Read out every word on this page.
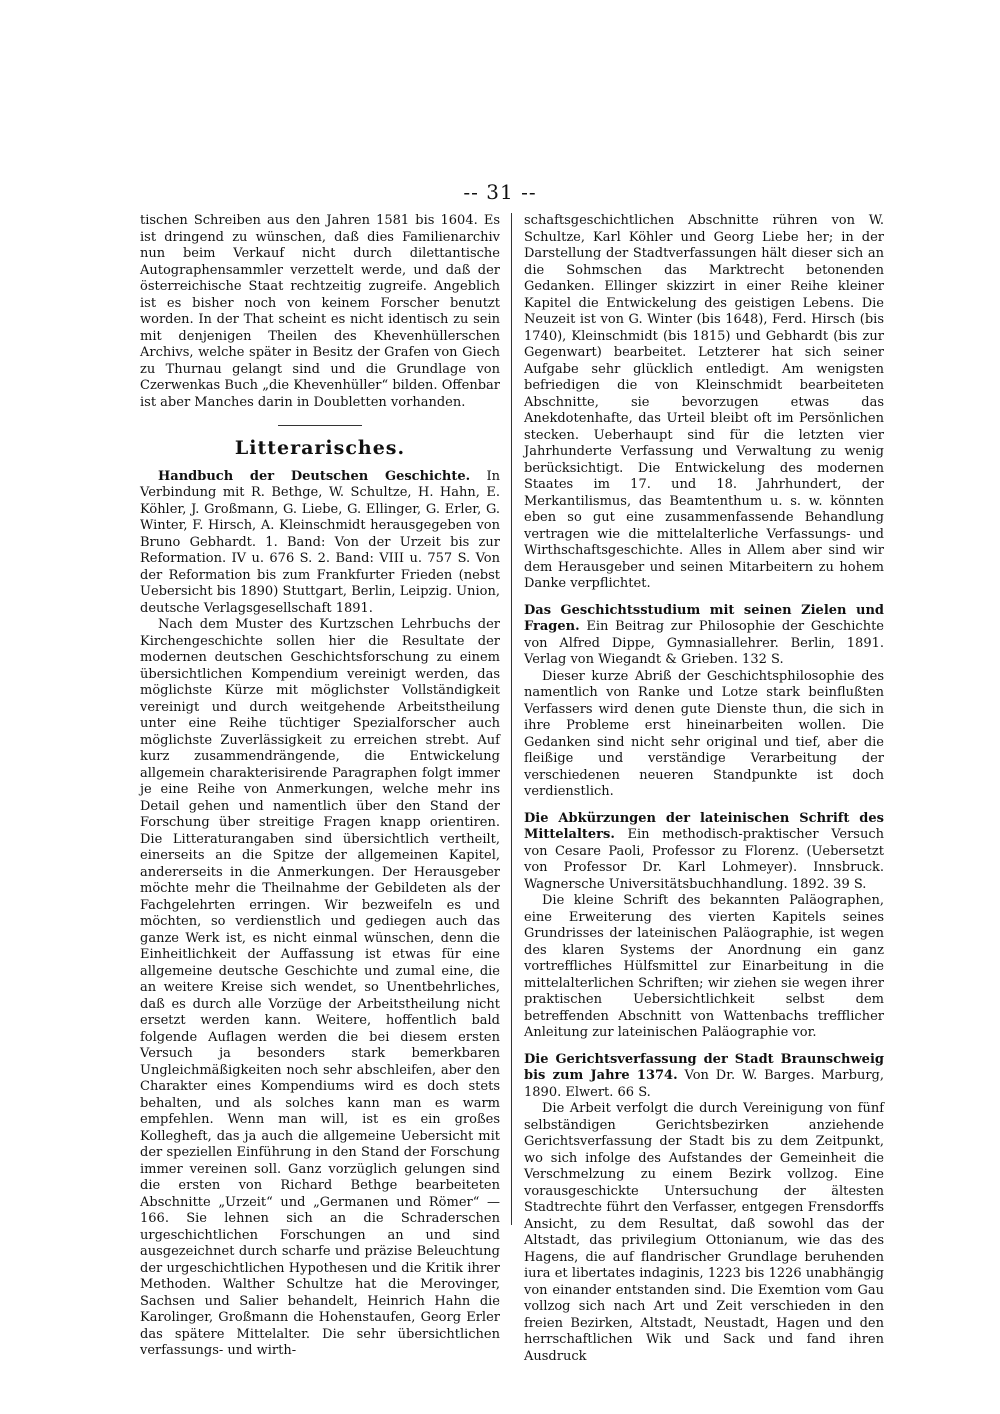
-- 31 --

tischen Schreiben aus den Jahren 1581 bis 1604. Es ist dringend zu wünschen, daß dies Familienarchiv nun beim Verkauf nicht durch dilettantische Autographensammler verzettelt werde, und daß der österreichische Staat rechtzeitig zugreife. Angeblich ist es bisher noch von keinem Forscher benutzt worden. In der That scheint es nicht identisch zu sein mit denjenigen Theilen des Khevenhüllerschen Archivs, welche später in Besitz der Grafen von Giech zu Thurnau gelangt sind und die Grundlage von Czerwenkas Buch „die Khevenhüller“ bilden. Offenbar ist aber Manches darin in Doubletten vorhanden.

Litterarisches.

Handbuch der Deutschen Geschichte. In Verbindung mit R. Bethge, W. Schultze, H. Hahn, E. Köhler, J. Großmann, G. Liebe, G. Ellinger, G. Erler, G. Winter, F. Hirsch, A. Kleinschmidt herausgegeben von Bruno Gebhardt. 1. Band: Von der Urzeit bis zur Reformation. IV u. 676 S. 2. Band: VIII u. 757 S. Von der Reformation bis zum Frankfurter Frieden (nebst Uebersicht bis 1890) Stuttgart, Berlin, Leipzig. Union, deutsche Verlagsgesellschaft 1891.

Nach dem Muster des Kurtzschen Lehrbuchs der Kirchengeschichte sollen hier die Resultate der modernen deutschen Geschichtsforschung zu einem übersichtlichen Kompendium vereinigt werden, das möglichste Kürze mit möglichster Vollständigkeit vereinigt und durch weitgehende Arbeitstheilung unter eine Reihe tüchtiger Spezialforscher auch möglichste Zuverlässigkeit zu erreichen strebt. Auf kurz zusammendrängende, die Entwickelung allgemein charakterisirende Paragraphen folgt immer je eine Reihe von Anmerkungen, welche mehr ins Detail gehen und namentlich über den Stand der Forschung über streitige Fragen knapp orientiren. Die Litteraturangaben sind übersichtlich vertheilt, einerseits an die Spitze der allgemeinen Kapitel, andererseits in die Anmerkungen. Der Herausgeber möchte mehr die Theilnahme der Gebildeten als der Fachgelehrten erringen. Wir bezweifeln es und möchten, so verdienstlich und gediegen auch das ganze Werk ist, es nicht einmal wünschen, denn die Einheitlichkeit der Auffassung ist etwas für eine allgemeine deutsche Geschichte und zumal eine, die an weitere Kreise sich wendet, so Unentbehrliches, daß es durch alle Vorzüge der Arbeitstheilung nicht ersetzt werden kann. Weitere, hoffentlich bald folgende Auflagen werden die bei diesem ersten Versuch ja besonders stark bemerkbaren Ungleichmäßigkeiten noch sehr abschleifen, aber den Charakter eines Kompendiums wird es doch stets behalten, und als solches kann man es warm empfehlen. Wenn man will, ist es ein großes Kollegheft, das ja auch die allgemeine Uebersicht mit der speziellen Einführung in den Stand der Forschung immer vereinen soll. Ganz vorzüglich gelungen sind die ersten von Richard Bethge bearbeiteten Abschnitte „Urzeit“ und „Germanen und Römer“ — 166. Sie lehnen sich an die Schraderschen urgeschichtlichen Forschungen an und sind ausgezeichnet durch scharfe und präzise Beleuchtung der urgeschichtlichen Hypothesen und die Kritik ihrer Methoden. Walther Schultze hat die Merovinger, Sachsen und Salier behandelt, Heinrich Hahn die Karolinger, Großmann die Hohenstaufen, Georg Erler das spätere Mittelalter. Die sehr übersichtlichen verfassungs- und wirth-

schaftsgeschichtlichen Abschnitte rühren von W. Schultze, Karl Köhler und Georg Liebe her; in der Darstellung der Stadtverfassungen hält dieser sich an die Sohmschen das Marktrecht betonenden Gedanken. Ellinger skizzirt in einer Reihe kleiner Kapitel die Entwickelung des geistigen Lebens. Die Neuzeit ist von G. Winter (bis 1648), Ferd. Hirsch (bis 1740), Kleinschmidt (bis 1815) und Gebhardt (bis zur Gegenwart) bearbeitet. Letzterer hat sich seiner Aufgabe sehr glücklich entledigt. Am wenigsten befriedigen die von Kleinschmidt bearbeiteten Abschnitte, sie bevorzugen etwas das Anekdotenhafte, das Urteil bleibt oft im Persönlichen stecken. Ueberhaupt sind für die letzten vier Jahrhunderte Verfassung und Verwaltung zu wenig berücksichtigt. Die Entwickelung des modernen Staates im 17. und 18. Jahrhundert, der Merkantilismus, das Beamtenthum u. s. w. könnten eben so gut eine zusammenfassende Behandlung vertragen wie die mittelalterliche Verfassungs- und Wirthschaftsgeschichte. Alles in Allem aber sind wir dem Herausgeber und seinen Mitarbeitern zu hohem Danke verpflichtet.

Das Geschichtsstudium mit seinen Zielen und Fragen. Ein Beitrag zur Philosophie der Geschichte von Alfred Dippe, Gymnasiallehrer. Berlin, 1891. Verlag von Wiegandt & Grieben. 132 S.

Dieser kurze Abriß der Geschichtsphilosophie des namentlich von Ranke und Lotze stark beinflußten Verfassers wird denen gute Dienste thun, die sich in ihre Probleme erst hineinarbeiten wollen. Die Gedanken sind nicht sehr original und tief, aber die fleißige und verständige Verarbeitung der verschiedenen neueren Standpunkte ist doch verdienstlich.

Die Abkürzungen der lateinischen Schrift des Mittelalters. Ein methodisch-praktischer Versuch von Cesare Paoli, Professor zu Florenz. (Uebersetzt von Professor Dr. Karl Lohmeyer). Innsbruck. Wagnersche Universitätsbuchhandlung. 1892. 39 S.

Die kleine Schrift des bekannten Paläographen, eine Erweiterung des vierten Kapitels seines Grundrisses der lateinischen Paläographie, ist wegen des klaren Systems der Anordnung ein ganz vortreffliches Hülfsmittel zur Einarbeitung in die mittelalterlichen Schriften; wir ziehen sie wegen ihrer praktischen Uebersichtlichkeit selbst dem betreffenden Abschnitt von Wattenbachs trefflicher Anleitung zur lateinischen Paläographie vor.

Die Gerichtsverfassung der Stadt Braunschweig bis zum Jahre 1374. Von Dr. W. Barges. Marburg, 1890. Elwert. 66 S.

Die Arbeit verfolgt die durch Vereinigung von fünf selbständigen Gerichtsbezirken anziehende Gerichtsverfassung der Stadt bis zu dem Zeitpunkt, wo sich infolge des Aufstandes der Gemeinheit die Verschmelzung zu einem Bezirk vollzog. Eine vorausgeschickte Untersuchung der ältesten Stadtrechte führt den Verfasser, entgegen Frensdorffs Ansicht, zu dem Resultat, daß sowohl das der Altstadt, das privilegium Ottonianum, wie das des Hagens, die auf flandrischer Grundlage beruhenden iura et libertates indaginis, 1223 bis 1226 unabhängig von einander entstanden sind. Die Exemtion vom Gau vollzog sich nach Art und Zeit verschieden in den freien Bezirken, Altstadt, Neustadt, Hagen und den herrschaftlichen Wik und Sack und fand ihren Ausdruck
